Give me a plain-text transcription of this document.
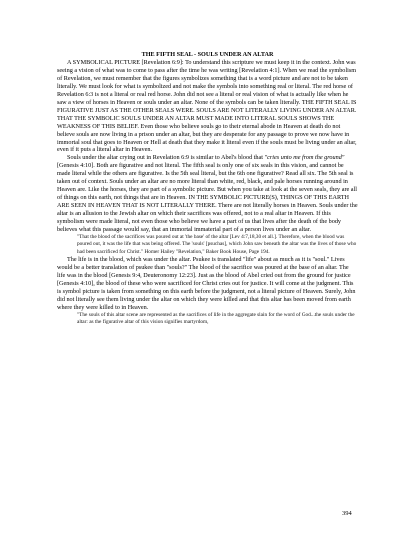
THE FIFTH SEAL - SOULS UNDER AN ALTAR

A SYMBOLICAL PICTURE [Revelation 6:9]: To understand this scripture we must keep it in the context. John was seeing a vision of what was to come to pass after the time he was writing [Revelation 4:1]. When we read the symbolism of Revelation, we must remember that the figures symbolizes something that is a word picture and are not to be taken literally. We must look for what is symbolized and not make the symbols into something real or literal. The red horse of Revelation 6:3 is not a literal or real red horse. John did not see a literal or real vision of what is actually like when he saw a view of horses in Heaven or souls under an altar. None of the symbols can be taken literally. THE FIFTH SEAL IS FIGURATIVE JUST AS THE OTHER SEALS WERE. SOULS ARE NOT LITERALLY LIVING UNDER AN ALTAR. THAT THE SYMBOLIC SOULS UNDER AN ALTAR MUST MADE INTO LITERAL SOULS SHOWS THE WEAKNESS OF THIS BELIEF. Even those who believe souls go to their eternal abode in Heaven at death do not believe souls are now living in a prison under an altar, but they are desperate for any passage to prove we now have in immortal soul that goes to Heaven or Hell at death that they make it literal even if the souls must be living under an altar, even if it puts a literal altar in Heaven.

Souls under the altar crying out in Revelation 6:9 is similar to Abel's blood that "cries unto me from the ground" [Genesis 4:10]. Both are figurative and not literal. The fifth seal is only one of six seals in this vision, and cannot be made literal while the others are figurative. Is the 5th seal literal, but the 6th one figurative? Read all six. The 5th seal is taken out of context. Souls under an altar are no more literal than white, red, black, and pale horses running around in Heaven are. Like the horses, they are part of a symbolic picture. But when you take at look at the seven seals, they are all of things on this earth, not things that are in Heaven. IN THE SYMBOLIC PICTURE(S), THINGS OF THIS EARTH ARE SEEN IN HEAVEN THAT IS NOT LITERALLY THERE. There are not literally horses in Heaven. Souls under the altar is an allusion to the Jewish altar on which their sacrifices was offered, not to a real altar in Heaven. If this symbolism were made literal, not even those who believe we have a part of us that lives after the death of the body believes what this passage would say, that an immortal immaterial part of a person lives under an altar.

"That the blood of the sacrifices was poured out at 'the base' of the altar [Lev 4:7,18,30 et all.]. Therefore, when the blood was poured out, it was the life that was being offered. The 'souls' [psuchas], which John saw beneath the altar was the lives of those who had been sacrificed for Christ." Homer Hailey "Revelation," Baker Book House, Page 194.

The life is in the blood, which was under the altar. Psukee is translated "life" about as much as it is "soul." Lives would be a better translation of psukee than "souls?" The blood of the sacrifice was poured at the base of an altar. The life was in the blood [Genesis 9:4, Deuteronomy 12:23]. Just as the blood of Abel cried out from the ground for justice [Genesis 4:10], the blood of these who were sacrificed for Christ cries out for justice. It will come at the judgment. This is symbol picture is taken from something on this earth before the judgment, not a literal picture of Heaven. Surely, John did not literally see them living under the altar on which they were killed and that this altar has been moved from earth where they were killed to in Heaven.

"The souls of this altar scene are represented as the sacrifices of life in the aggregate slain for the word of God...the souls under the altar: as the figurative altar of this vision signifies martyrdom,

394
